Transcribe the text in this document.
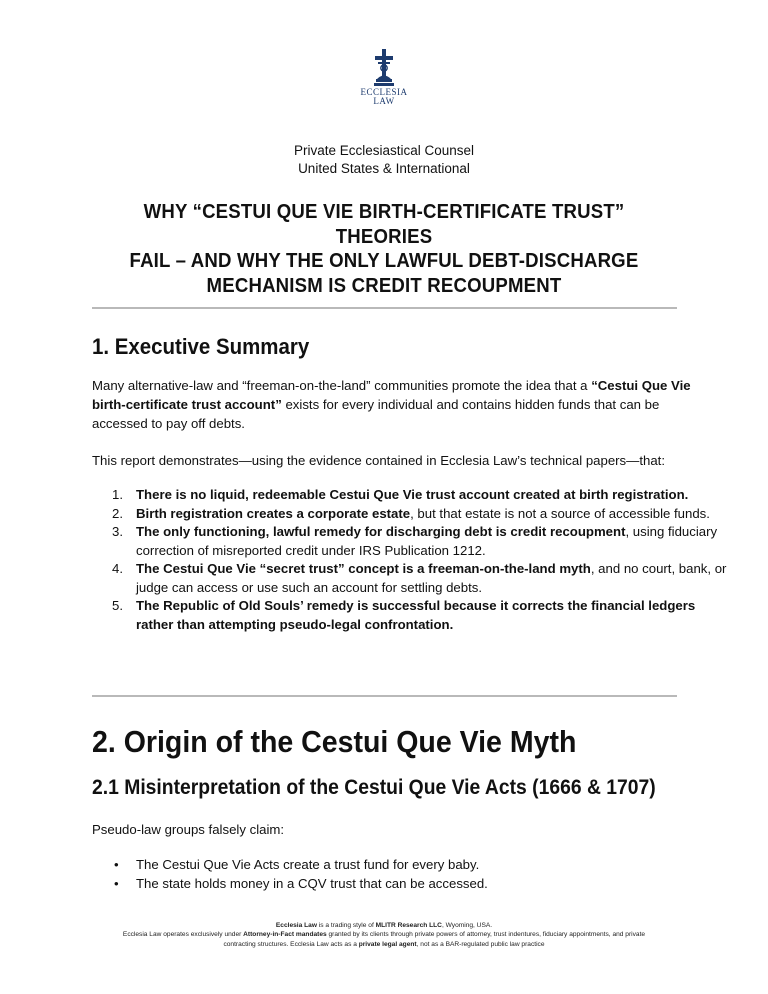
ECCLESIA
LAW
Private Ecclesiastical Counsel
United States & International
WHY “CESTUI QUE VIE BIRTH-CERTIFICATE TRUST” THEORIES
FAIL – AND WHY THE ONLY LAWFUL DEBT-DISCHARGE
MECHANISM IS CREDIT RECOUPMENT
1. Executive Summary
Many alternative-law and “freeman-on-the-land” communities promote the idea that a “Cestui Que Vie birth-certificate trust account” exists for every individual and contains hidden funds that can be accessed to pay off debts.
This report demonstrates—using the evidence contained in Ecclesia Law’s technical papers—that:
There is no liquid, redeemable Cestui Que Vie trust account created at birth registration.
Birth registration creates a corporate estate, but that estate is not a source of accessible funds.
The only functioning, lawful remedy for discharging debt is credit recoupment, using fiduciary correction of misreported credit under IRS Publication 1212.
The Cestui Que Vie “secret trust” concept is a freeman-on-the-land myth, and no court, bank, or judge can access or use such an account for settling debts.
The Republic of Old Souls’ remedy is successful because it corrects the financial ledgers rather than attempting pseudo-legal confrontation.
2. Origin of the Cestui Que Vie Myth
2.1 Misinterpretation of the Cestui Que Vie Acts (1666 & 1707)
Pseudo-law groups falsely claim:
• The Cestui Que Vie Acts create a trust fund for every baby.
• The state holds money in a CQV trust that can be accessed.
Ecclesia Law is a trading style of MLITR Research LLC, Wyoming, USA.
Ecclesia Law operates exclusively under Attorney-in-Fact mandates granted by its clients through private powers of attorney, trust indentures, fiduciary appointments, and private
contracting structures. Ecclesia Law acts as a private legal agent, not as a BAR-regulated public law practice
